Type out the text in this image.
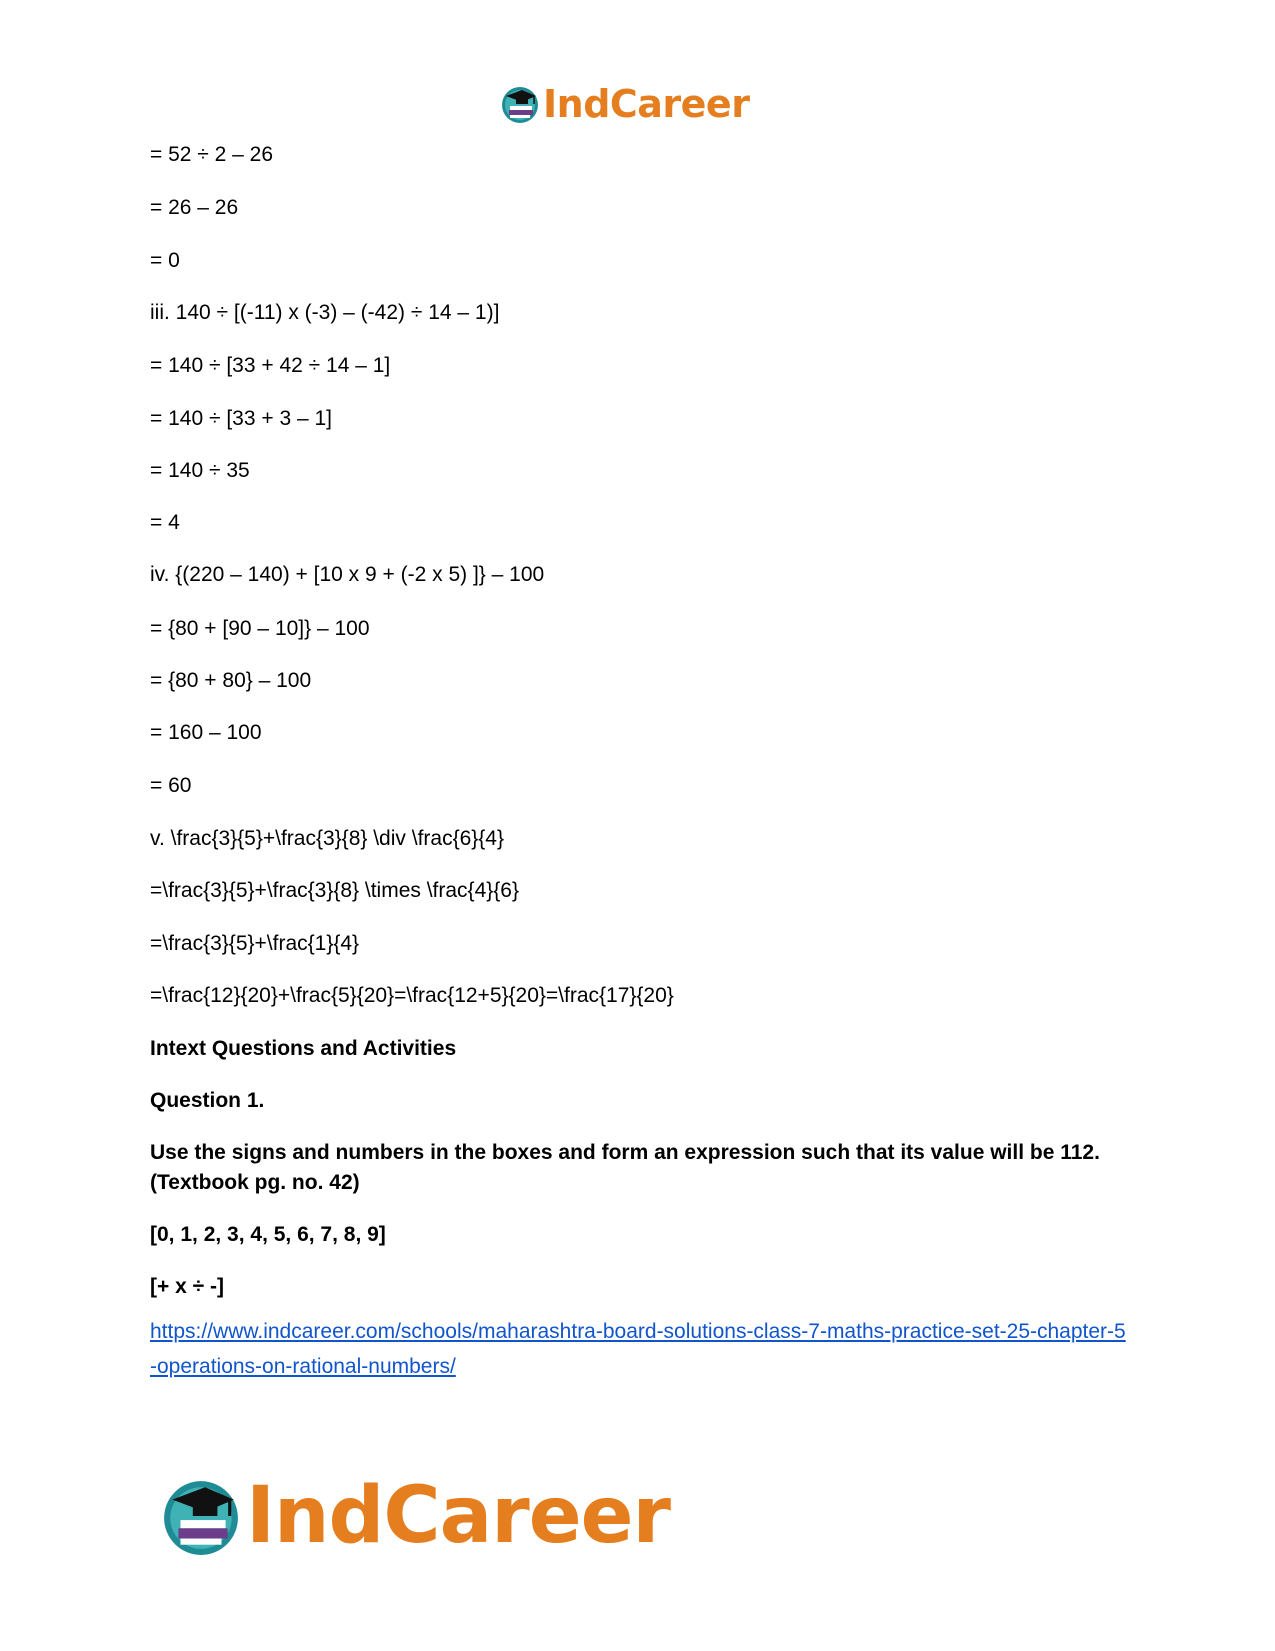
IndCareer
= 52 ÷ 2 – 26
= 26 – 26
= 0
iii. 140 ÷ [(-11) x (-3) – (-42) ÷ 14 – 1)]
= 140 ÷ [33 + 42 ÷ 14 – 1]
= 140 ÷ [33 + 3 – 1]
= 140 ÷ 35
= 4
iv. {(220 – 140) + [10 x 9 + (-2 x 5) ]} – 100
= {80 + [90 – 10]} – 100
= {80 + 80} – 100
= 160 – 100
= 60
v. \frac{3}{5}+\frac{3}{8} \div \frac{6}{4}
=\frac{3}{5}+\frac{3}{8} \times \frac{4}{6}
=\frac{3}{5}+\frac{1}{4}
=\frac{12}{20}+\frac{5}{20}=\frac{12+5}{20}=\frac{17}{20}
Intext Questions and Activities
Question 1.
Use the signs and numbers in the boxes and form an expression such that its value will be 112. (Textbook pg. no. 42)
[0, 1, 2, 3, 4, 5, 6, 7, 8, 9]
[+ x ÷ -]
https://www.indcareer.com/schools/maharashtra-board-solutions-class-7-maths-practice-set-25-chapter-5-operations-on-rational-numbers/
IndCareer
